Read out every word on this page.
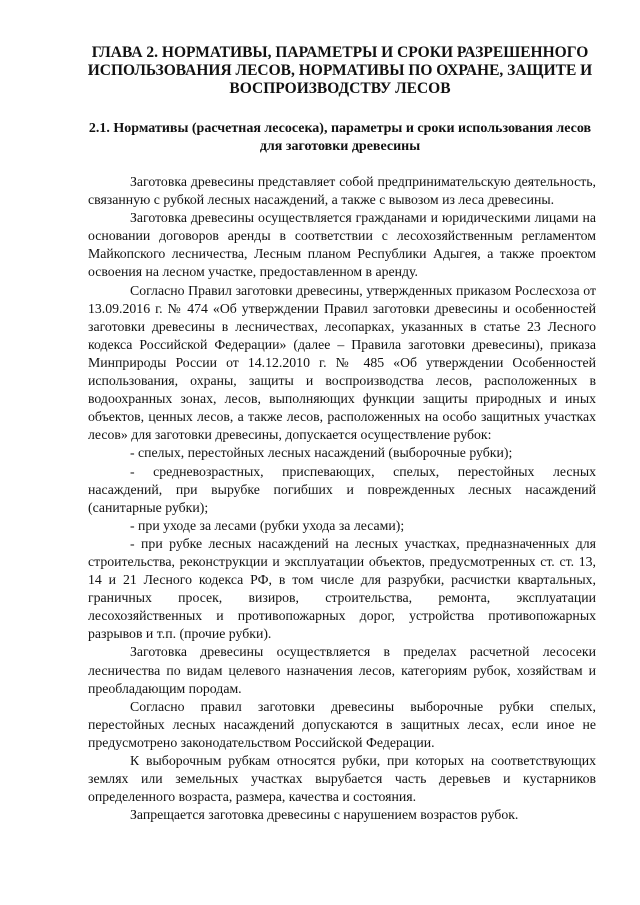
ГЛАВА 2. НОРМАТИВЫ, ПАРАМЕТРЫ И СРОКИ РАЗРЕШЕННОГО ИСПОЛЬЗОВАНИЯ ЛЕСОВ, НОРМАТИВЫ ПО ОХРАНЕ, ЗАЩИТЕ И ВОСПРОИЗВОДСТВУ ЛЕСОВ
2.1. Нормативы (расчетная лесосека), параметры и сроки использования лесов для заготовки древесины

Заготовка древесины представляет собой предпринимательскую деятельность, связанную с рубкой лесных насаждений, а также с вывозом из леса древесины.

Заготовка древесины осуществляется гражданами и юридическими лицами на основании договоров аренды в соответствии с лесохозяйственным регламентом Майкопского лесничества, Лесным планом Республики Адыгея, а также проектом освоения на лесном участке, предоставленном в аренду.

Согласно Правил заготовки древесины, утвержденных приказом Рослесхоза от 13.09.2016 г. № 474 «Об утверждении Правил заготовки древесины и особенностей заготовки древесины в лесничествах, лесопарках, указанных в статье 23 Лесного кодекса Российской Федерации» (далее – Правила заготовки древесины), приказа Минприроды России от 14.12.2010 г. № 485 «Об утверждении Особенностей использования, охраны, защиты и воспроизводства лесов, расположенных в водоохранных зонах, лесов, выполняющих функции защиты природных и иных объектов, ценных лесов, а также лесов, расположенных на особо защитных участках лесов» для заготовки древесины, допускается осуществление рубок:

- спелых, перестойных лесных насаждений (выборочные рубки);

- средневозрастных, приспевающих, спелых, перестойных лесных насаждений, при вырубке погибших и поврежденных лесных насаждений (санитарные рубки);

- при уходе за лесами (рубки ухода за лесами);

- при рубке лесных насаждений на лесных участках, предназначенных для строительства, реконструкции и эксплуатации объектов, предусмотренных ст. ст. 13, 14 и 21 Лесного кодекса РФ, в том числе для разрубки, расчистки квартальных, граничных просек, визиров, строительства, ремонта, эксплуатации лесохозяйственных и противопожарных дорог, устройства противопожарных разрывов и т.п. (прочие рубки).

Заготовка древесины осуществляется в пределах расчетной лесосеки лесничества по видам целевого назначения лесов, категориям рубок, хозяйствам и преобладающим породам.

Согласно правил заготовки древесины выборочные рубки спелых, перестойных лесных насаждений допускаются в защитных лесах, если иное не предусмотрено законодательством Российской Федерации.

К выборочным рубкам относятся рубки, при которых на соответствующих землях или земельных участках вырубается часть деревьев и кустарников определенного возраста, размера, качества и состояния.

Запрещается заготовка древесины с нарушением возрастов рубок.
